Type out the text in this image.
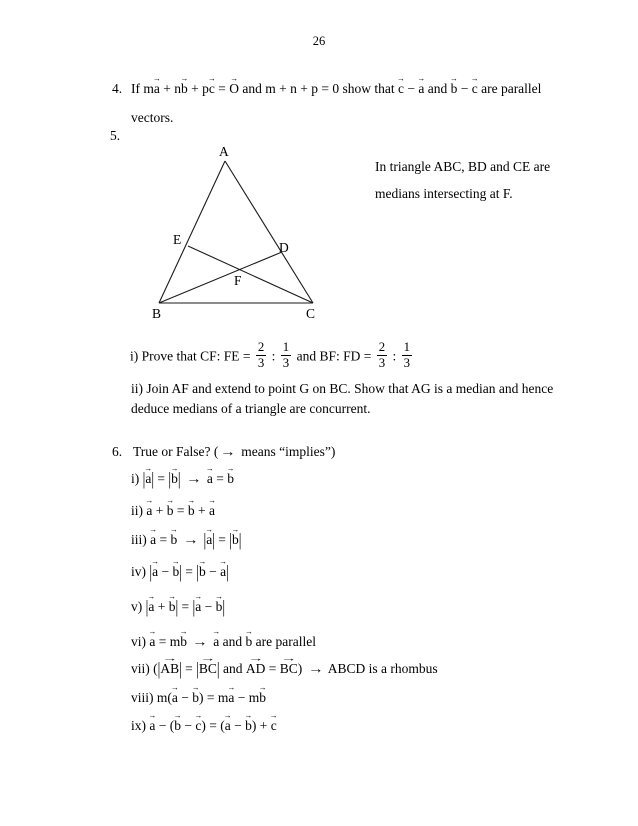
26
4. If m→ a + n→ b + p→ c = → O and m + n + p = 0 show that → c − → a and → b − → c are parallel
vectors.
5.
A
E
D
F
B	C
In triangle ABC, BD and CE are
medians intersecting at F.
i) Prove that CF: FE = $\frac{2}{3}$ : $\frac{1}{3}$ and BF: FD = $\frac{2}{3}$ : $\frac{1}{3}$
ii) Join AF and extend to point G on BC. Show that AG is a median and hence
deduce medians of a triangle are concurrent.
6. True or False? ( → means “implies”)
i) |→ a| = |→ b| → → a = → b
ii) → a + → b = → b + → a
iii) → a = → b → |→ a| = |→ b|
iv) |→ a − → b| = |→ b − → a|
v) |→ a + → b| = |→ a − → b|
vi) → a = m→ b → → a and → b are parallel
vii) (|→ AB| = |→ BC| and → AD = → BC) → ABCD is a rhombus
viii) m(→ a − → b) = m→ a − m→ b
ix) → a − (→ b − → c) = (→ a − → b) + → c
